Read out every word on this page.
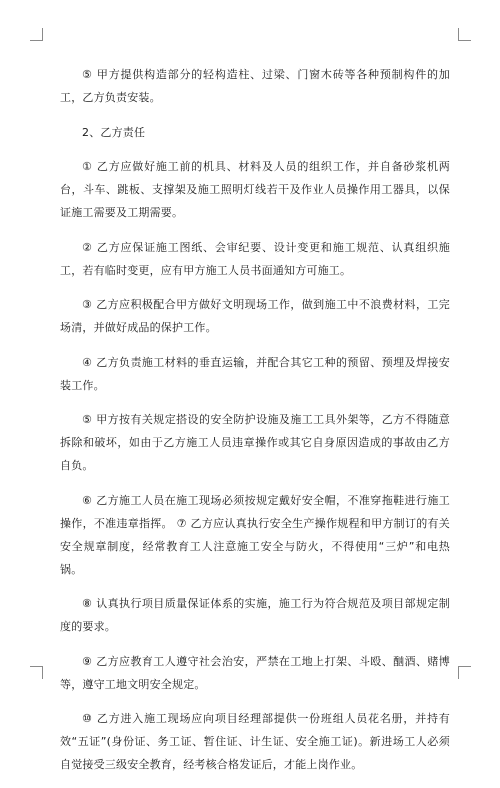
⑤ 甲方提供构造部分的轻构造柱、过梁、门窗木砖等各种预制构件的加工，乙方负责安装。

2、乙方责任

① 乙方应做好施工前的机具、材料及人员的组织工作，并自备砂浆机两台，斗车、跳板、支撑架及施工照明灯线若干及作业人员操作用工器具，以保证施工需要及工期需要。

② 乙方应保证施工图纸、会审纪要、设计变更和施工规范、认真组织施工，若有临时变更，应有甲方施工人员书面通知方可施工。

③ 乙方应积极配合甲方做好文明现场工作，做到施工中不浪费材料，工完场清，并做好成品的保护工作。

④ 乙方负责施工材料的垂直运输，并配合其它工种的预留、预埋及焊接安装工作。

⑤ 甲方按有关规定搭设的安全防护设施及施工工具外架等，乙方不得随意拆除和破坏，如由于乙方施工人员违章操作或其它自身原因造成的事故由乙方自负。

⑥ 乙方施工人员在施工现场必须按规定戴好安全帽，不准穿拖鞋进行施工操作，不准违章指挥。 ⑦ 乙方应认真执行安全生产操作规程和甲方制订的有关安全规章制度，经常教育工人注意施工安全与防火，不得使用“三炉”和电热锅。

⑧ 认真执行项目质量保证体系的实施，施工行为符合规范及项目部规定制度的要求。

⑨ 乙方应教育工人遵守社会治安，严禁在工地上打架、斗殴、酗酒、赌博等，遵守工地文明安全规定。

⑩ 乙方进入施工现场应向项目经理部提供一份班组人员花名册，并持有效“五证”(身份证、务工证、暂住证、计生证、安全施工证)。新进场工人必须自觉接受三级安全教育，经考核合格发证后，才能上岗作业。
